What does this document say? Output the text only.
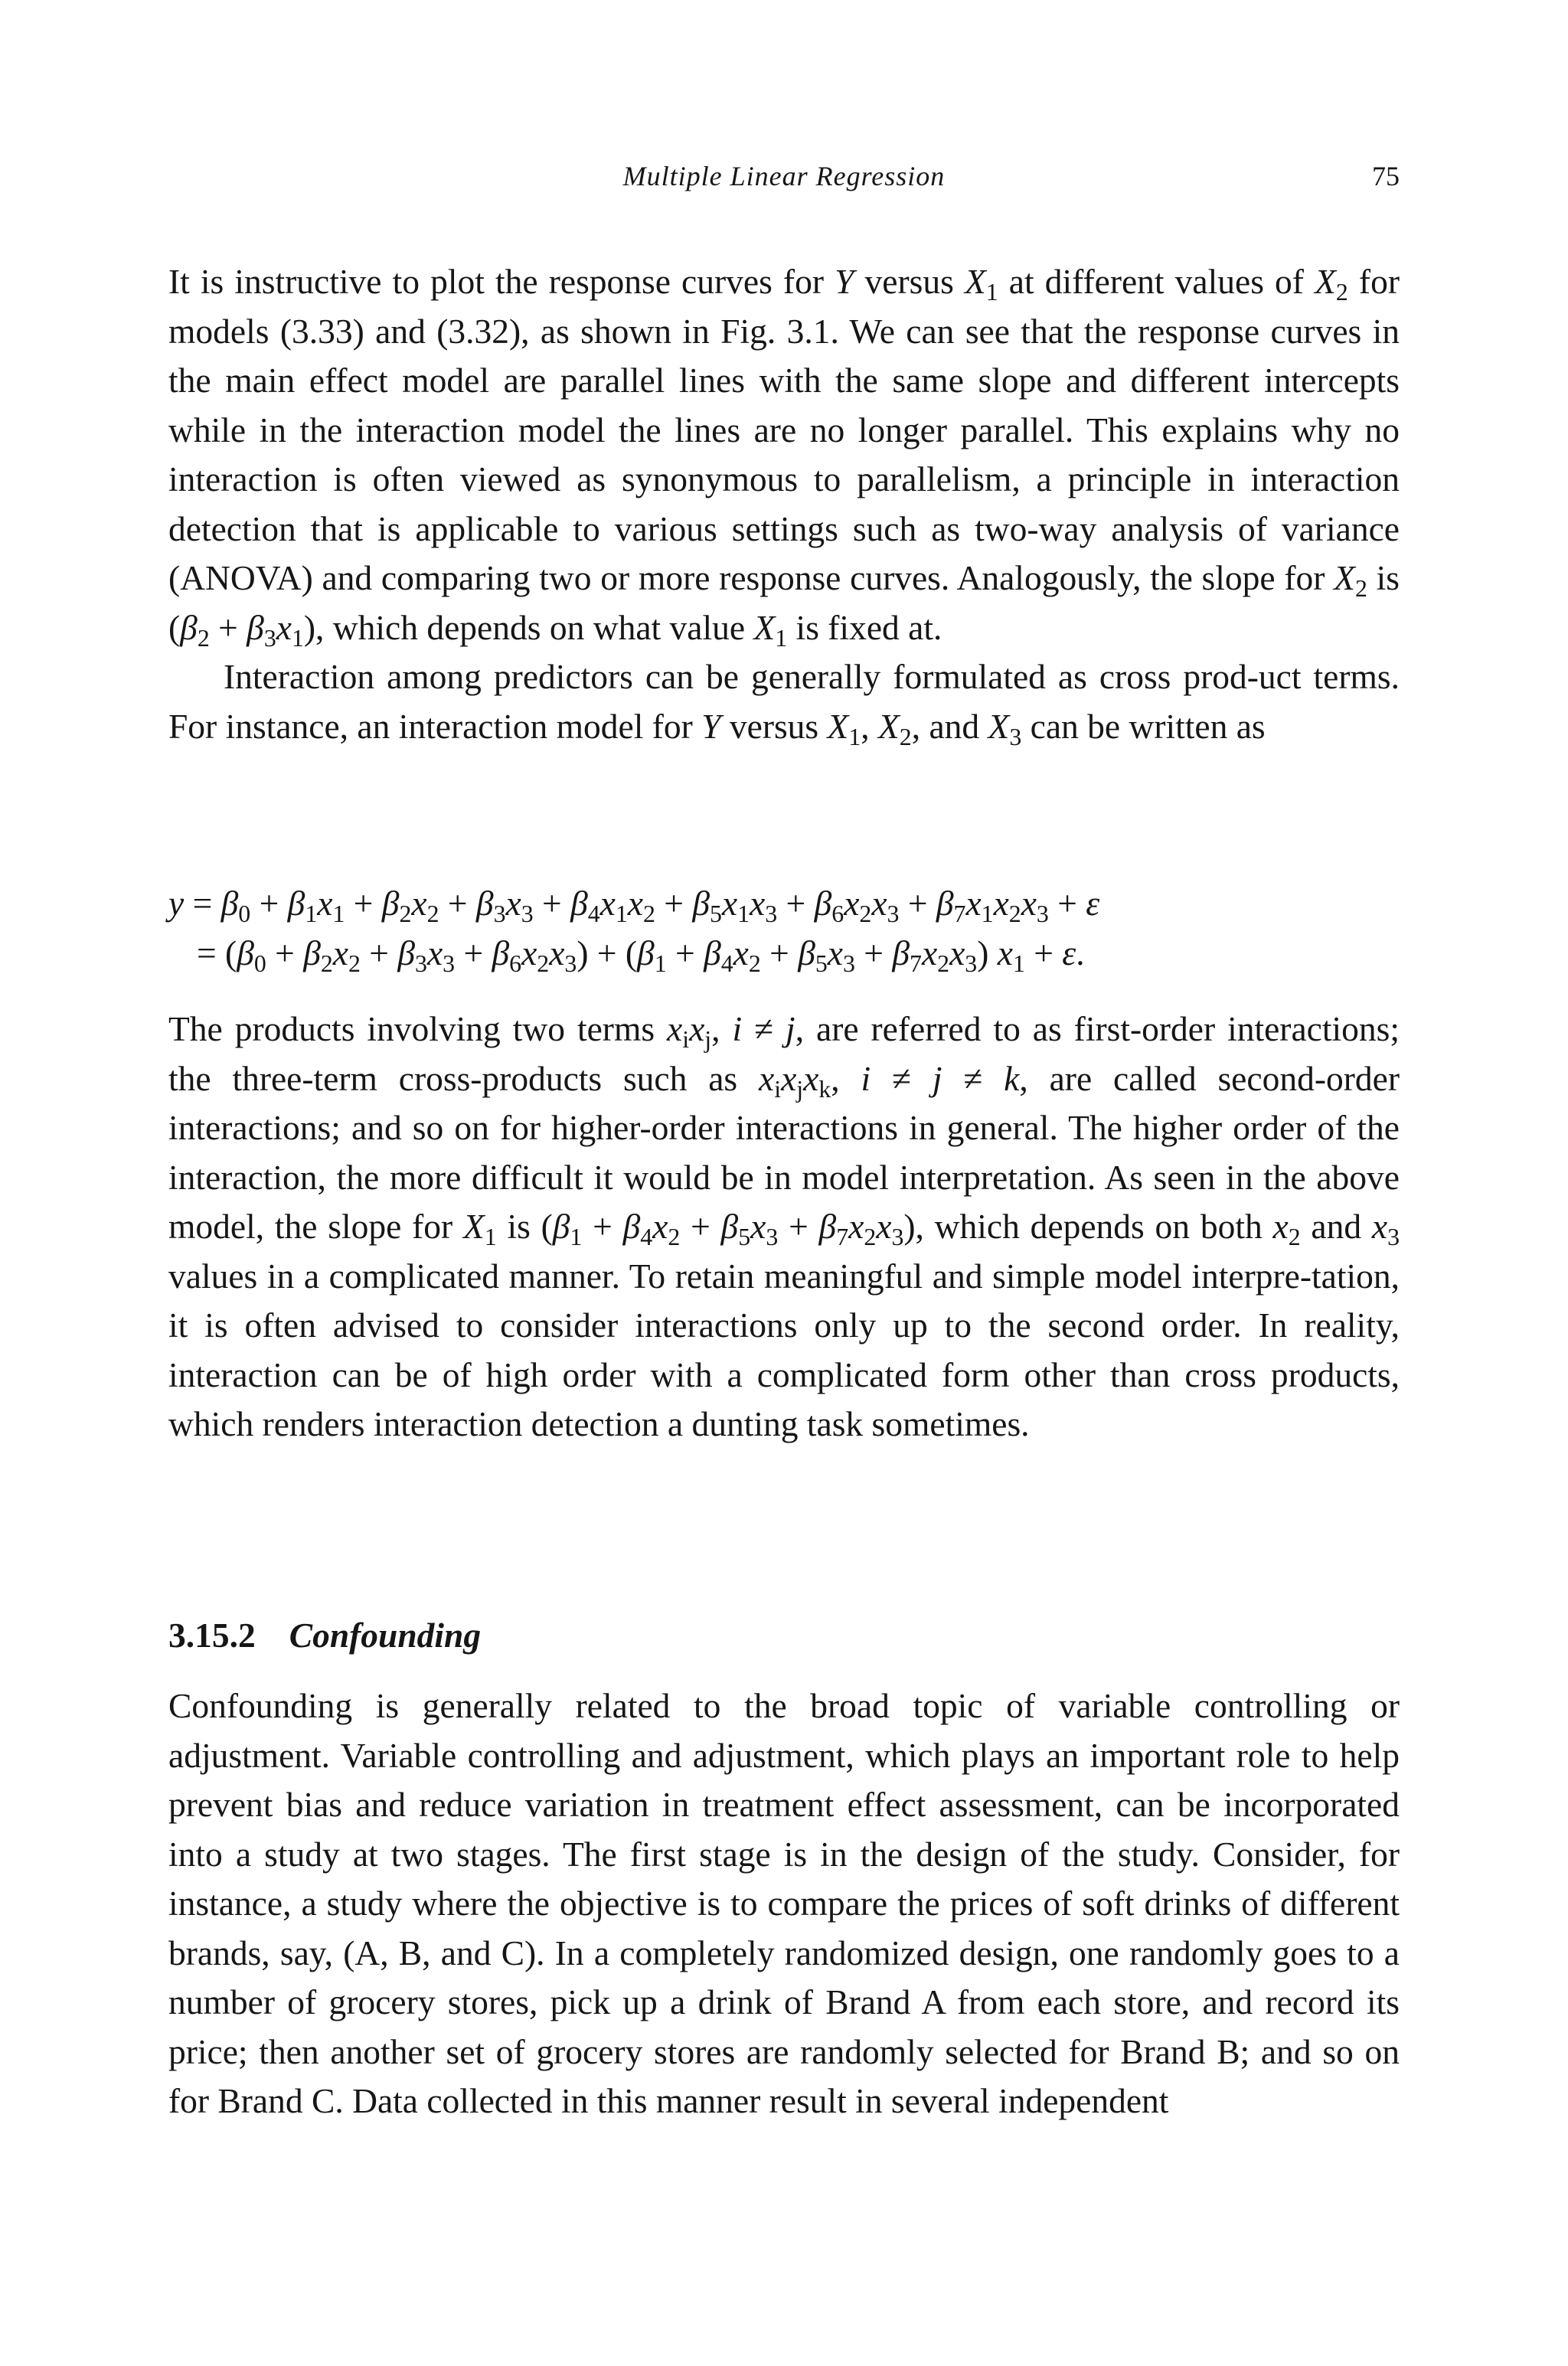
Multiple Linear Regression	75

It is instructive to plot the response curves for Y versus $X_1$ at different values of $X_2$ for models (3.33) and (3.32), as shown in Fig. 3.1. We can see that the response curves in the main effect model are parallel lines with the same slope and different intercepts while in the interaction model the lines are no longer parallel. This explains why no interaction is often viewed as synonymous to parallelism, a principle in interaction detection that is applicable to various settings such as two-way analysis of variance (ANOVA) and comparing two or more response curves. Analogously, the slope for $X_2$ is $(\beta_2 + \beta_3x_1)$, which depends on what value $X_1$ is fixed at.

Interaction among predictors can be generally formulated as cross prod-uct terms. For instance, an interaction model for Y versus $X_1$, $X_2$, and $X_3$ can be written as

$y = \beta_0 + \beta_1x_1 + \beta_2x_2 + \beta_3x_3 + \beta_4x_1x_2 + \beta_5x_1x_3 + \beta_6x_2x_3 + \beta_7x_1x_2x_3 + \varepsilon$
= $(\beta_0 + \beta_2x_2 + \beta_3x_3 + \beta_6x_2x_3) + (\beta_1 + \beta_4x_2 + \beta_5x_3 + \beta_7x_2x_3) x_1 + \varepsilon$.

The products involving two terms $x_ix_j$, i ≠ j, are referred to as first-order interactions; the three-term cross-products such as $x_ix_jx_k$, i ≠ j ≠ k, are called second-order interactions; and so on for higher-order interactions in general. The higher order of the interaction, the more difficult it would be in model interpretation. As seen in the above model, the slope for $X_1$ is $(\beta_1 + \beta_4x_2 + \beta_5x_3 + \beta_7x_2x_3)$, which depends on both $x_2$ and $x_3$ values in a complicated manner. To retain meaningful and simple model interpre-tation, it is often advised to consider interactions only up to the second order. In reality, interaction can be of high order with a complicated form other than cross products, which renders interaction detection a dunting task sometimes.

3.15.2 Confounding

Confounding is generally related to the broad topic of variable controlling or adjustment. Variable controlling and adjustment, which plays an important role to help prevent bias and reduce variation in treatment effect assessment, can be incorporated into a study at two stages. The first stage is in the design of the study. Consider, for instance, a study where the objective is to compare the prices of soft drinks of different brands, say, (A, B, and C). In a completely randomized design, one randomly goes to a number of grocery stores, pick up a drink of Brand A from each store, and record its price; then another set of grocery stores are randomly selected for Brand B; and so on for Brand C. Data collected in this manner result in several independent
